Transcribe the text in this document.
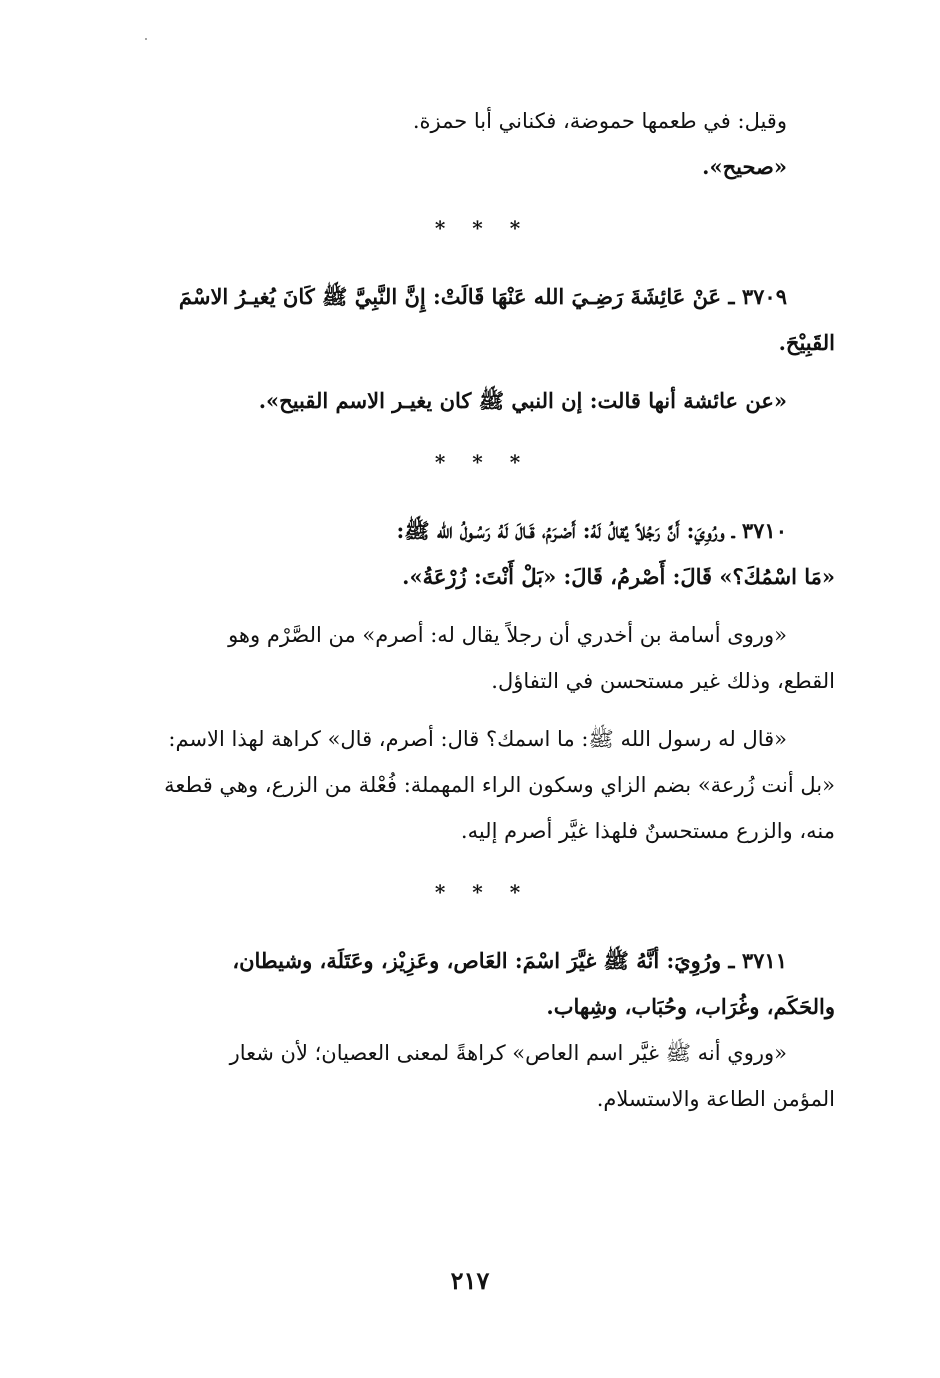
وقيل: في طعمها حموضة، فكناني أبا حمزة.

«صحيح».

* * *

٣٧٠٩ ـ عَنْ عَائِشَةَ رَضِـيَ الله عَنْهَا قَالَتْ: إِنَّ النَّبِيَّ ﷺ كَانَ يُغيـرُ الاسْمَ

القَبِيْحَ.

«عن عائشة أنها قالت: إن النبي ﷺ كان يغيـر الاسم القبيح».

* * *

٣٧١٠ ـ ورُوِيَ: أَنَّ رَجُلاً يُقالُ لَهُ: أَصْـرَمُ، قَـالَ لَهُ رَسُـولُ الله ﷺ:

«مَا اسْمُكَ؟» قَالَ: أَصْرمُ، قَالَ: «بَلْ أَنْتَ: زُرْعَةُ».

«وروى أسامة بن أخدري أن رجلاً يقال له: أصرم» من الصَّرْم وهو

القطع، وذلك غير مستحسن في التفاؤل.

«قال له رسول الله ﷺ: ما اسمك؟ قال: أصرم، قال» كراهة لهذا الاسم:

«بل أنت زُرعة» بضم الزاي وسكون الراء المهملة: فُعْلة من الزرع، وهي قطعة

منه، والزرع مستحسنٌ فلهذا غيَّر أصرم إليه.

* * *

٣٧١١ ـ ورُوِيَ: أنَّهُ ﷺ غيَّرَ اسْمَ: العَاص، وعَزِيْز، وعَتَلَة، وشيطان،

والحَكَم، وغُرَاب، وحُبَاب، وشِهاب.

«وروي أنه ﷺ غيَّر اسم العاص» كراهةً لمعنى العصيان؛ لأن شعار

المؤمن الطاعة والاستسلام.

٢١٧
